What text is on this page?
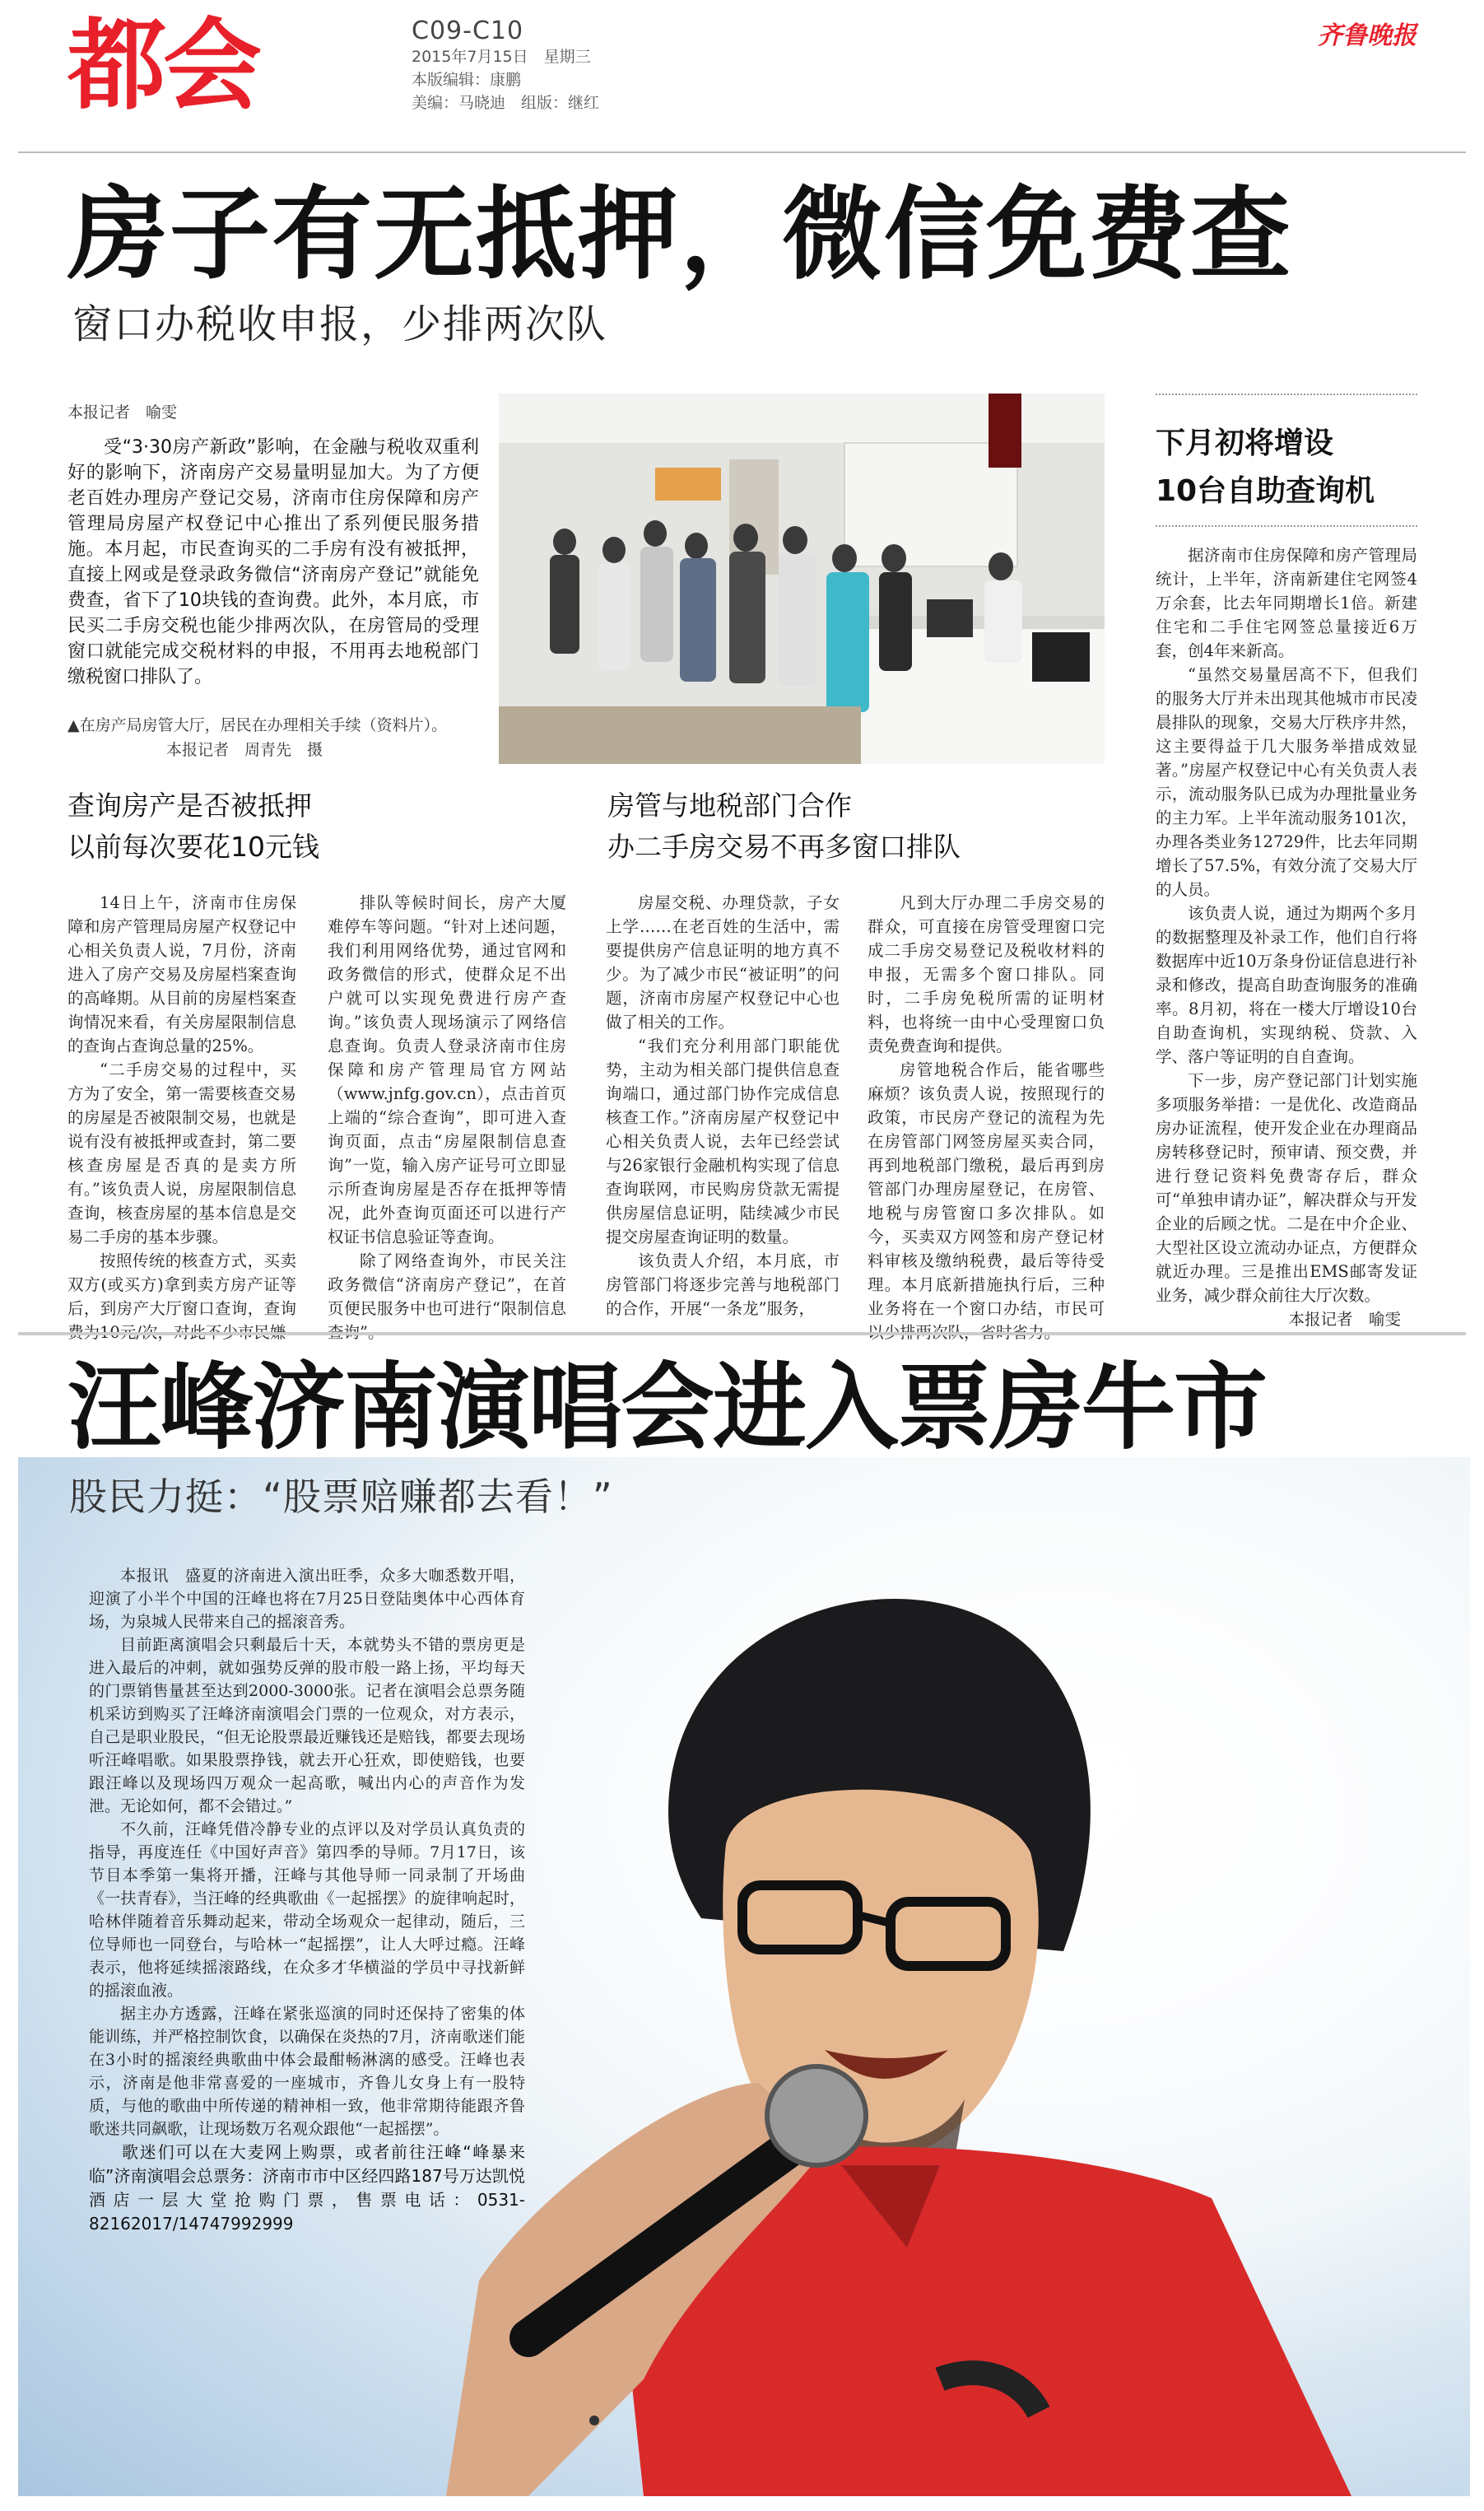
都会	C09-C10
2015年7月15日　星期三
本版编辑：康鹏
美编：马晓迪　组版：继红
齐鲁晚报
房子有无抵押，微信免费查
窗口办税收申报，少排两次队
本报记者　喻雯
受“3·30房产新政”影响，在金融与税收双重利好的影响下，济南房产交易量明显加大。为了方便老百姓办理房产登记交易，济南市住房保障和房产管理局房屋产权登记中心推出了系列便民服务措施。本月起，市民查询买的二手房有没有被抵押，直接上网或是登录政务微信“济南房产登记”就能免费查，省下了10块钱的查询费。此外，本月底，市民买二手房交税也能少排两次队，在房管局的受理窗口就能完成交税材料的申报，不用再去地税部门缴税窗口排队了。
▲在房产局房管大厅，居民在办理相关手续（资料片）。
本报记者　周青先　摄
查询房产是否被抵押
以前每次要花10元钱

14日上午，济南市住房保障和房产管理局房屋产权登记中心相关负责人说，7月份，济南进入了房产交易及房屋档案查询的高峰期。从目前的房屋档案查询情况来看，有关房屋限制信息的查询占查询总量的25%。

“二手房交易的过程中，买方为了安全，第一需要核查交易的房屋是否被限制交易，也就是说有没有被抵押或查封，第二要核查房屋是否真的是卖方所有。”该负责人说，房屋限制信息查询，核查房屋的基本信息是交易二手房的基本步骤。

按照传统的核查方式，买卖双方(或买方)拿到卖方房产证等后，到房产大厅窗口查询，查询

排队等候时间长，房产大厦难停车等问题。“针对上述问题，我们利用网络优势，通过官网和政务微信的形式，使群众足不出户就可以实现免费进行房产查询。”该负责人现场演示了网络信息查询。负责人登录济南市住房保障和房产管理局官方网站（www.jnfg.gov.cn），点击首页上端的“综合查询”，即可进入查询页面，点击“房屋限制信息查询”一览，输入房产证号可立即显示所查询房屋是否存在抵押等情况，此外查询页面还可以进行产权证书信息验证等查询。

除了网络查询外，市民关注政务微信“济南房产登记”，在首页便民服务中也可进行“限制信息

房管与地税部门合作
办二手房交易不再多窗口排队

房屋交税、办理贷款，子女上学……在老百姓的生活中，需要提供房产信息证明的地方真不少。为了减少市民“被证明”的问题，济南市房屋产权登记中心也做了相关的工作。

“我们充分利用部门职能优势，主动为相关部门提供信息查询端口，通过部门协作完成信息核查工作。”济南房屋产权登记中心相关负责人说，去年已经尝试与26家银行金融机构实现了信息查询联网，市民购房贷款无需提供房屋信息证明，陆续减少市民提交房屋查询证明的数量。

该负责人介绍，本月底，市房管部门将逐步完善与地税部门的合作，开展“一条龙”服务，

凡到大厅办理二手房交易的群众，可直接在房管受理窗口完成二手房交易登记及税收材料的申报，无需多个窗口排队。同时，二手房免税所需的证明材料，也将统一由中心受理窗口负责免费查询和提供。

房管地税合作后，能省哪些麻烦？该负责人说，按照现行的政策，市民房产登记的流程为先在房管部门网签房屋买卖合同，再到地税部门缴税，最后再到房管部门办理房屋登记，在房管、地税与房管窗口多次排队。如今，买卖双方网签和房产登记材料审核及缴纳税费，最后等待受理。本月底新措施执行后，三种业务将在一个窗口办结，市民可

下月初将增设
10台自助查询机

据济南市住房保障和房产管理局统计，上半年，济南新建住宅网签4万余套，比去年同期增长1倍。新建住宅和二手住宅网签总量接近6万套，创4年来新高。

“虽然交易量居高不下，但我们的服务大厅并未出现其他城市市民凌晨排队的现象，交易大厅秩序井然，这主要得益于几大服务举措成效显著。”房屋产权登记中心有关负责人表示，流动服务队已成为办理批量业务的主力军。上半年流动服务101次，办理各类业务12729件，比去年同期增长了57.5%，有效分流了交易大厅的人员。

该负责人说，通过为期两个多月的数据整理及补录工作，他们自行将数据库中近10万条身份证信息进行补录和修改，提高自助查询服务的准确率。8月初，将在一楼大厅增设10台自助查询机，实现纳税、贷款、入学、落户等证明的自自查询。

下一步，房产登记部门计划实施多项服务举措：一是优化、改造商品房办证流程，使开发企业在办理商品房转移登记时，预审请、预交费，并进行登记资料免费寄存后，群众可“单独申请办证”，解决群众与开发企业的后顾之忧。二是在中介企业、大型社区设立流动办证点，方便群众就近办理。三是推出EMS邮寄发证业务，减少群众前往大厅次数。

本报记者　喻雯
汪峰济南演唱会进入票房牛市
股民力挺：“股票赔赚都去看！”

本报讯　盛夏的济南进入演出旺季，众多大咖悉数开唱，迎演了小半个中国的汪峰也将在7月25日登陆奥体中心西体育场，为泉城人民带来自己的摇滚音秀。

目前距离演唱会只剩最后十天，本就势头不错的票房更是进入最后的冲刺，就如强势反弹的股市般一路上扬，平均每天的门票销售量甚至达到2000-3000张。记者在演唱会总票务随机采访到购买了汪峰济南演唱会门票的一位观众，对方表示，自己是职业股民，“但无论股票最近赚钱还是赔钱，都要去现场听汪峰唱歌。如果股票挣钱，就去开心狂欢，即使赔钱，也要跟汪峰以及现场四万观众一起高歌，喊出内心的声音作为发泄。无论如何，都不会错过。”

不久前，汪峰凭借冷静专业的点评以及对学员认真负责的指导，再度连任《中国好声音》第四季的导师。7月17日，该节目本季第一集将开播，汪峰与其他导师一同录制了开场曲《一扶青春》，当汪峰的经典歌曲《一起摇摆》的旋律响起时，哈林伴随着音乐舞动起来，带动全场观众一起律动，随后，三位导师也一同登台，与哈林一“起摇摆”，让人大呼过瘾。汪峰表示，他将延续摇滚路线，在众多才华横溢的学员中寻找新鲜的摇滚血液。

据主办方透露，汪峰在紧张巡演的同时还保持了密集的体能训练，并严格控制饮食，以确保在炎热的7月，济南歌迷们能在3小时的摇滚经典歌曲中体会最酣畅淋漓的感受。汪峰也表示，济南是他非常喜爱的一座城市，齐鲁儿女身上有一股特质，与他的歌曲中所传递的精神相一致，他非常期待能跟齐鲁歌迷共同飙歌，让现场数万名观众跟他“一起摇摆”。

歌迷们可以在大麦网上购票，或者前往汪峰“峰暴来临”济南演唱会总票务：济南市市中区经四路187号万达凯悦酒店一层大堂抢购门票，售票电话：0531-82162017/14747992999
